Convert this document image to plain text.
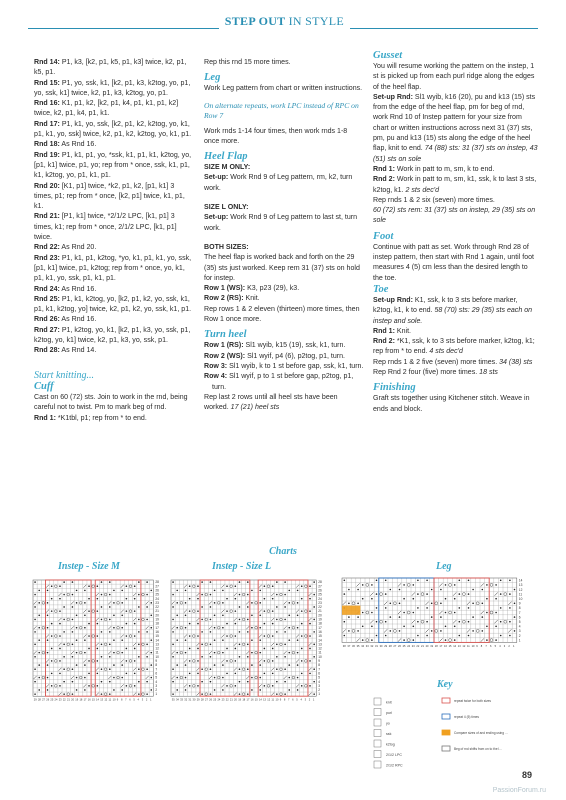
STEP OUT IN STYLE
Rnd 14: P1, k3, [k2, p1, k5, p1, k3] twice, k2, p1, k5, p1.
Rnd 15: P1, yo, ssk, k1, [k2, p1, k3, k2tog, yo, p1, yo, ssk, k1] twice, k2, p1, k3, k2tog, yo, p1.
Rnd 16: K1, p1, k2, [k2, p1, k4, p1, k1, p1, k2] twice, k2, p1, k4, p1, k1.
Rnd 17: P1, k1, yo, ssk, [k2, p1, k2, k2tog, yo, k1, p1, k1, yo, ssk] twice, k2, p1, k2, k2tog, yo, k1, p1.
Rnd 18: As Rnd 16.
Rnd 19: P1, k1, p1, yo, *ssk, k1, p1, k1, k2tog, yo, [p1, k1] twice, p1, yo; rep from * once, ssk, k1, p1, k1, k2tog, yo, p1, k1, p1.
Rnd 20: [K1, p1] twice, *k2, p1, k2, [p1, k1] 3 times, p1; rep from * once, [k2, p1] twice, k1, p1, k1.
Rnd 21: [P1, k1] twice, *2/1/2 LPC, [k1, p1] 3 times, k1; rep from * once, 2/1/2 LPC, [k1, p1] twice.
Rnd 22: As Rnd 20.
Rnd 23: P1, k1, p1, k2tog, *yo, k1, p1, k1, yo, ssk, [p1, k1] twice, p1, k2tog; rep from * once, yo, k1, p1, k1, yo, ssk, p1, k1, p1.
Rnd 24: As Rnd 16.
Rnd 25: P1, k1, k2tog, yo, [k2, p1, k2, yo, ssk, k1, p1, k1, k2tog, yo] twice, k2, p1, k2, yo, ssk, k1, p1.
Rnd 26: As Rnd 16.
Rnd 27: P1, k2tog, yo, k1, [k2, p1, k3, yo, ssk, p1, k2tog, yo, k1] twice, k2, p1, k3, yo, ssk, p1.
Rnd 28: As Rnd 14.
Start knitting...
Cuff
Cast on 60 (72) sts. Join to work in the rnd, being careful not to twist. Pm to mark beg of rnd.
Rnd 1: *K1tbl, p1; rep from * to end.
Rep this rnd 15 more times.
Leg
Work Leg pattern from chart or written instructions.
On alternate repeats, work LPC instead of RPC on Row 7
Work rnds 1-14 four times, then work rnds 1-8 once more.
Heel Flap
SIZE M ONLY:
Set-up: Work Rnd 9 of Leg pattern, rm, k2, turn work.
SIZE L ONLY:
Set-up: Work Rnd 9 of Leg pattern to last st, turn work.
BOTH SIZES:
The heel flap is worked back and forth on the 29 (35) sts just worked. Keep rem 31 (37) sts on hold for instep.
Row 1 (WS): K3, p23 (29), k3.
Row 2 (RS): Knit.
Rep rows 1 & 2 eleven (thirteen) more times, then Row 1 once more.
Turn heel
Row 1 (RS): Sl1 wyib, k15 (19), ssk, k1, turn.
Row 2 (WS): Sl1 wyif, p4 (6), p2tog, p1, turn.
Row 3: Sl1 wyib, k to 1 st before gap, ssk, k1, turn.
Row 4: Sl1 wyif, p to 1 st before gap, p2tog, p1, turn.
Rep last 2 rows until all heel sts have been worked. 17 (21) heel sts
Gusset
You will resume working the pattern on the instep, 1 st is picked up from each purl ridge along the edges of the heel flap.
Set-up Rnd: Sl1 wyib, k16 (20), pu and k13 (15) sts from the edge of the heel flap, pm for beg of rnd, work Rnd 10 of Instep pattern for your size from chart or written instructions across next 31 (37) sts, pm, pu and k13 (15) sts along the edge of the heel flap, knit to end. 74 (88) sts: 31 (37) sts on instep, 43 (51) sts on sole
Rnd 1: Work in patt to m, sm, k to end.
Rnd 2: Work in patt to m, sm, k1, ssk, k to last 3 sts, k2tog, k1. 2 sts dec'd
Rep rnds 1 & 2 six (seven) more times.
60 (72) sts rem: 31 (37) sts on instep, 29 (35) sts on sole
Foot
Continue with patt as set. Work through Rnd 28 of instep pattern, then start with Rnd 1 again, until foot measures 4 (5) cm less than the desired length to the toe.
Toe
Set-up Rnd: K1, ssk, k to 3 sts before marker, k2tog, k1, k to end. 58 (70) sts: 29 (35) sts each on instep and sole.
Rnd 1: Knit.
Rnd 2: *K1, ssk, k to 3 sts before marker, k2tog, k1; rep from * to end. 4 sts dec'd
Rep rnds 1 & 2 five (seven) more times. 34 (38) sts
Rep Rnd 2 four (five) more times. 18 sts
Finishing
Graft sts together using Kitchener stitch. Weave in ends and block.
Charts
Instep - Size M	Instep - Size L	Leg
28
27
26
25
24
23
22
21
20
19
18
17
16
15
14
13
12
11
10
9
8
7
6
5
4
3
2
1
29 28 27 26 25 24 23 22 21 20 19 18 17 16 15 14 13 12 11 10 9 8 7 6 5 4 3 2 1
28
27
26
25
24
23
22
21
20
19
18
17
16
15
14
13
12
11
10
9
8
7
6
5
4
3
2
1
35 34 33 32 31 30 29 28 27 26 25 24 23 22 21 20 19 18 17 16 15 14 13 12 11 10 9 8 7 6 5 4 3 2 1
14
13
12
11
10
9
8
7
6
5
4
3
2
1
38 37 36 35 34 33 32 31 30 29 28 27 26 25 24 23 22 21 20 19 18 17 16 15 14 13 12 11 10 9 8 7 6 5 4 3 2 1
Key
knit
purl
yo
ssk
k2tog
2/1/2 LPC
2/1/2 RPC
repeat twice for both sizes
repeat 4 (5) times
Compare sizes of and ending using …
Beg of rnd shifts from on to the l…
89
PassionForum.ru
